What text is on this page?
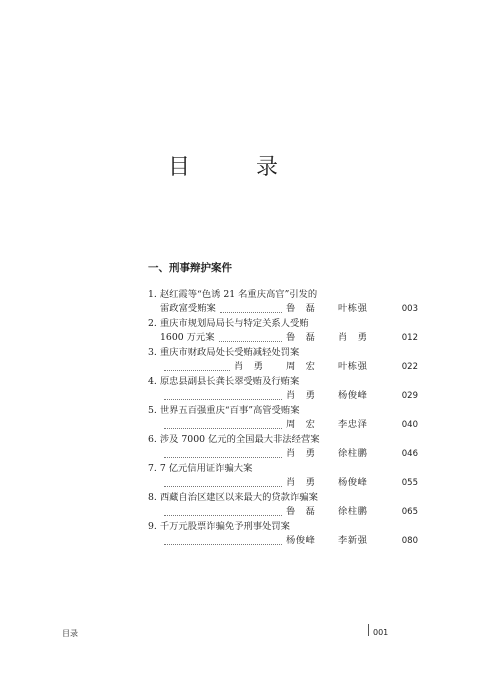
目　录
一、刑事辩护案件
1. 赵红霞等“色诱 21 名重庆高官”引发的
雷政富受贿案	鲁　磊 叶栋强	003
2. 重庆市规划局局长与特定关系人受贿
1600 万元案	鲁　磊 肖　勇	012
3. 重庆市财政局处长受贿减轻处罚案
肖　勇 周　宏 叶栋强	022
4. 原忠县副县长龚长翠受贿及行贿案
肖　勇 杨俊峰	029
5. 世界五百强重庆“百事”高管受贿案
周　宏 李忠泽	040
6. 涉及 7000 亿元的全国最大非法经营案
肖　勇 徐柱鹏	046
7. 7 亿元信用证诈骗大案
肖　勇 杨俊峰	055
8. 西藏自治区建区以来最大的贷款诈骗案
鲁　磊 徐柱鹏	065
9. 千万元股票诈骗免予刑事处罚案
杨俊峰 李新强	080
目录	001
